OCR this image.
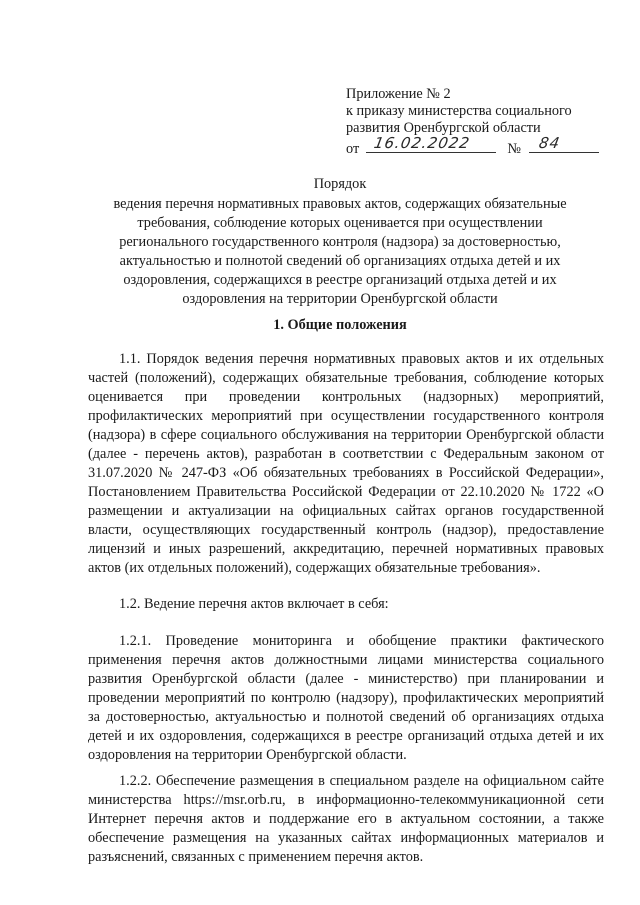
Приложение № 2
к приказу министерства социального
развития Оренбургской области
от 16.02.2022	№ 84
Порядок
ведения перечня нормативных правовых актов, содержащих обязательные
требования, соблюдение которых оценивается при осуществлении
регионального государственного контроля (надзора) за достоверностью,
актуальностью и полнотой сведений об организациях отдыха детей и их
оздоровления, содержащихся в реестре организаций отдыха детей и их
оздоровления на территории Оренбургской области
1. Общие положения

1.1. Порядок ведения перечня нормативных правовых актов и их отдельных частей (положений), содержащих обязательные требования, соблюдение которых оценивается при проведении контрольных (надзорных) мероприятий, профилактических мероприятий при осуществлении государственного контроля (надзора) в сфере социального обслуживания на территории Оренбургской области (далее - перечень актов), разработан в соответствии с Федеральным законом от 31.07.2020 № 247-ФЗ «Об обязательных требованиях в Российской Федерации», Постановлением Правительства Российской Федерации от 22.10.2020 № 1722 «О размещении и актуализации на официальных сайтах органов государственной власти, осуществляющих государственный контроль (надзор), предоставление лицензий и иных разрешений, аккредитацию, перечней нормативных правовых актов (их отдельных положений), содержащих обязательные требования».

1.2. Ведение перечня актов включает в себя:

1.2.1. Проведение мониторинга и обобщение практики фактического применения перечня актов должностными лицами министерства социального развития Оренбургской области (далее - министерство) при планировании и проведении мероприятий по контролю (надзору), профилактических мероприятий за достоверностью, актуальностью и полнотой сведений об организациях отдыха детей и их оздоровления, содержащихся в реестре организаций отдыха детей и их оздоровления на территории Оренбургской области.

1.2.2. Обеспечение размещения в специальном разделе на официальном сайте министерства https://msr.orb.ru, в информационно-телекоммуникационной сети Интернет перечня актов и поддержание его в актуальном состоянии, а также обеспечение размещения на указанных сайтах информационных материалов и разъяснений, связанных с применением перечня актов.
